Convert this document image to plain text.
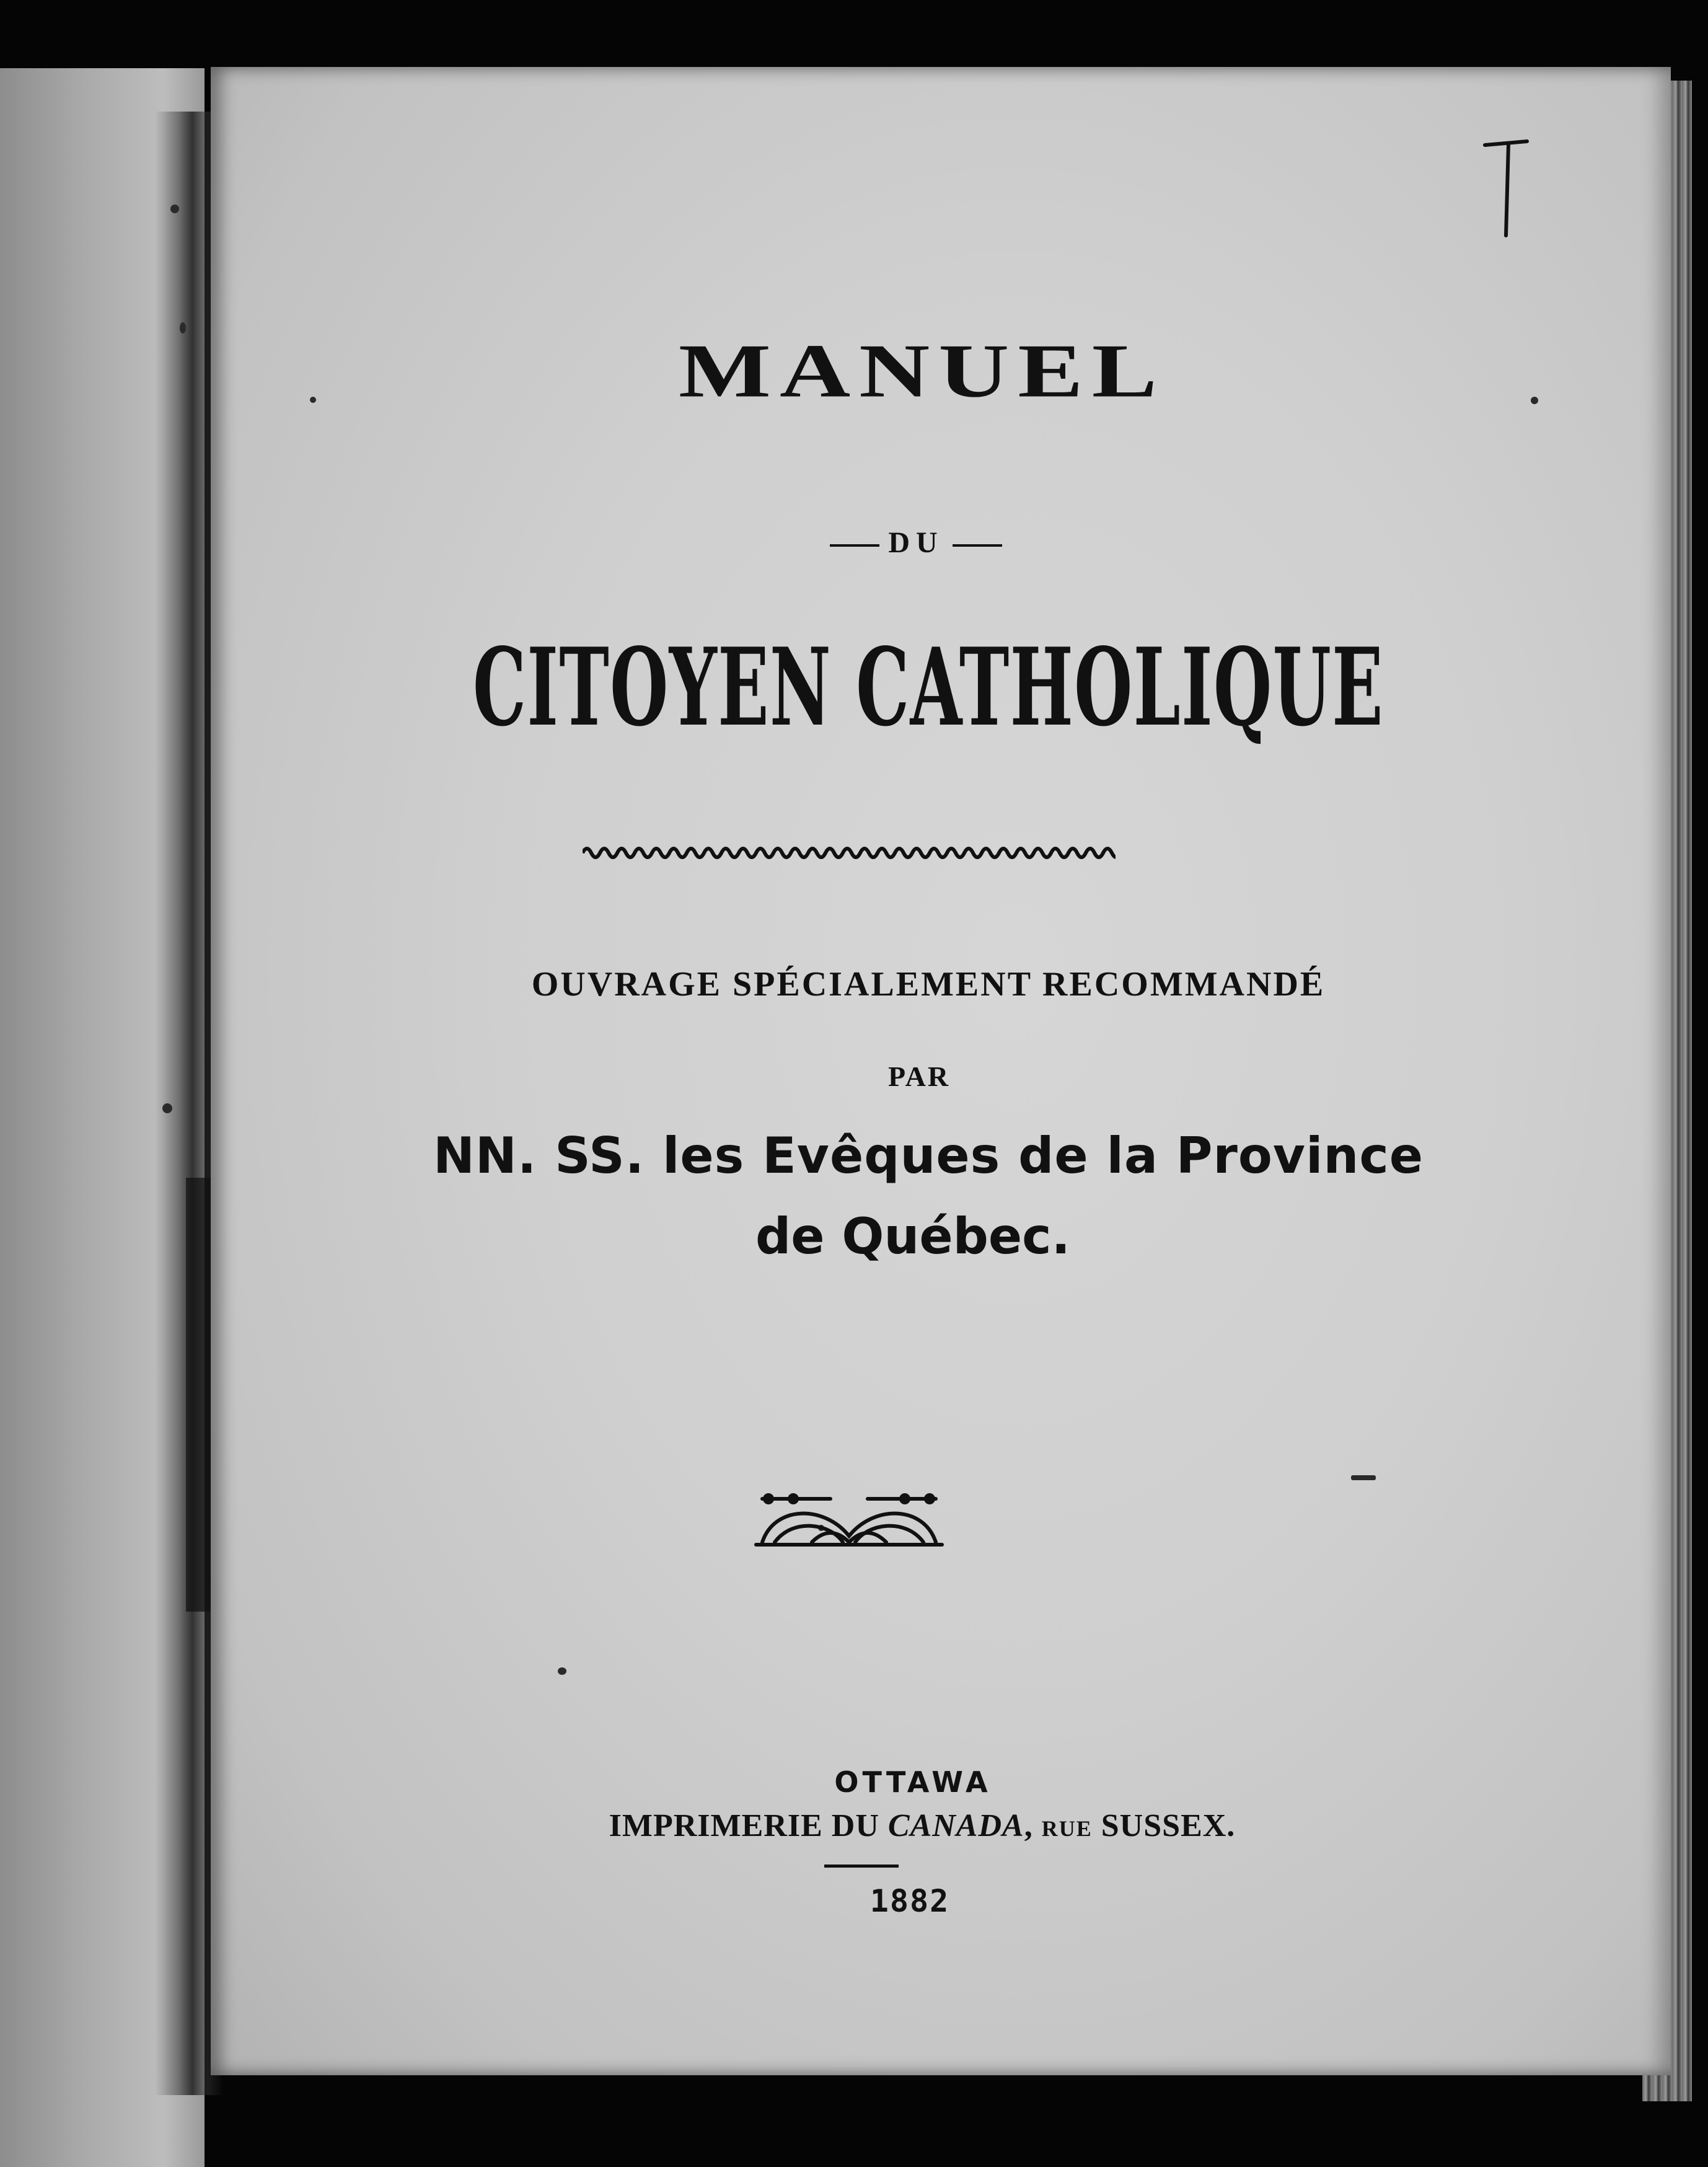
MANUEL
DU
CITOYEN CATHOLIQUE
OUVRAGE SPÉCIALEMENT RECOMMANDÉ
PAR
NN. SS. les Evêques de la Province
de Québec.
OTTAWA
IMPRIMERIE DU CANADA, RUE SUSSEX.
1882
